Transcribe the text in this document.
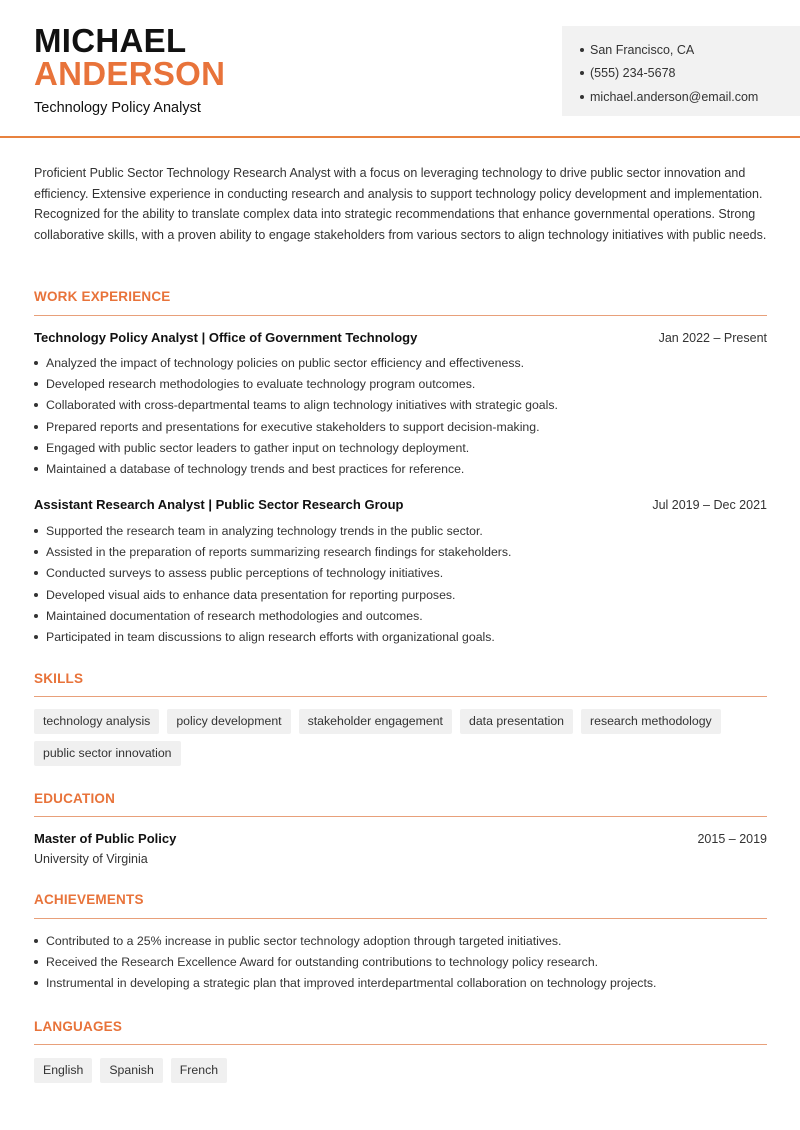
MICHAEL
ANDERSON
Technology Policy Analyst
San Francisco, CA
(555) 234-5678
michael.anderson@email.com

Proficient Public Sector Technology Research Analyst with a focus on leveraging technology to drive public sector innovation and efficiency. Extensive experience in conducting research and analysis to support technology policy development and implementation. Recognized for the ability to translate complex data into strategic recommendations that enhance governmental operations. Strong collaborative skills, with a proven ability to engage stakeholders from various sectors to align technology initiatives with public needs.

WORK EXPERIENCE
Technology Policy Analyst | Office of Government Technology	Jan 2022 – Present
Analyzed the impact of technology policies on public sector efficiency and effectiveness.
Developed research methodologies to evaluate technology program outcomes.
Collaborated with cross-departmental teams to align technology initiatives with strategic goals.
Prepared reports and presentations for executive stakeholders to support decision-making.
Engaged with public sector leaders to gather input on technology deployment.
Maintained a database of technology trends and best practices for reference.
Assistant Research Analyst | Public Sector Research Group	Jul 2019 – Dec 2021
Supported the research team in analyzing technology trends in the public sector.
Assisted in the preparation of reports summarizing research findings for stakeholders.
Conducted surveys to assess public perceptions of technology initiatives.
Developed visual aids to enhance data presentation for reporting purposes.
Maintained documentation of research methodologies and outcomes.
Participated in team discussions to align research efforts with organizational goals.
SKILLS
technology analysis	policy development	stakeholder engagement	data presentation	research methodology
public sector innovation
EDUCATION
Master of Public Policy	2015 – 2019
University of Virginia
ACHIEVEMENTS
Contributed to a 25% increase in public sector technology adoption through targeted initiatives.
Received the Research Excellence Award for outstanding contributions to technology policy research.
Instrumental in developing a strategic plan that improved interdepartmental collaboration on technology projects.
LANGUAGES
English	Spanish	French
